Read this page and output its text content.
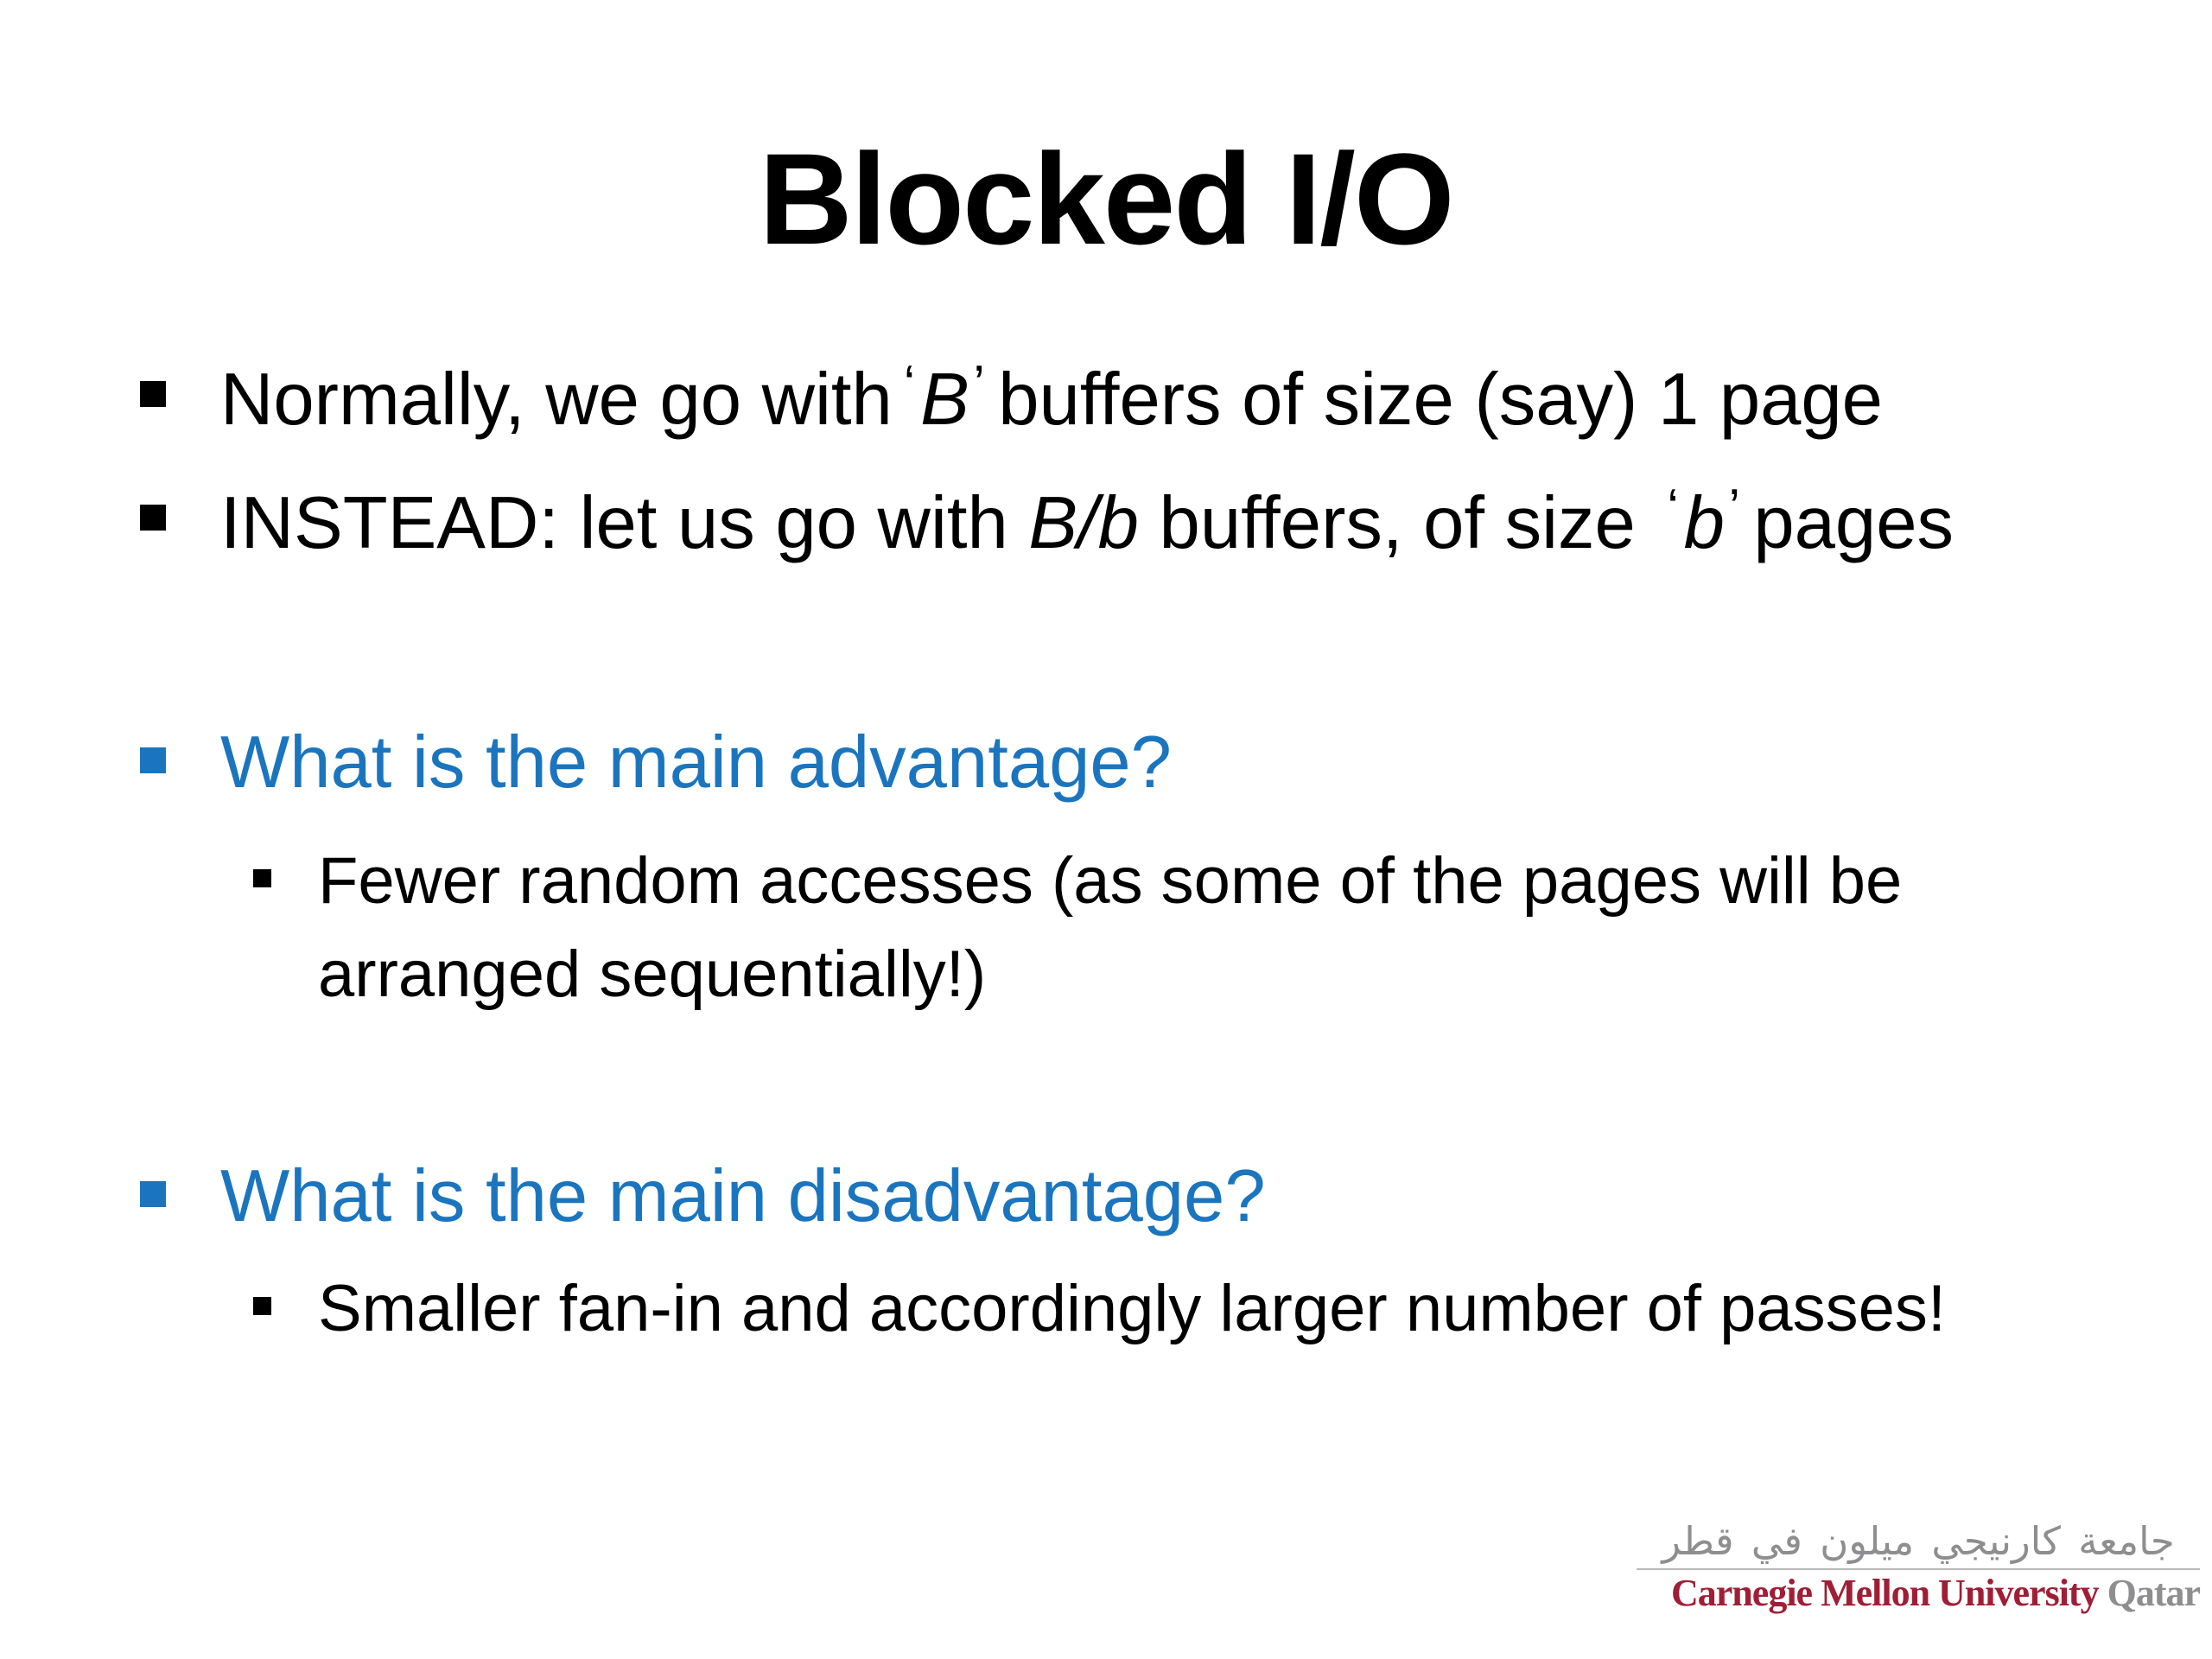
Blocked I/O
Normally, we go with ‘B’ buffers of size (say) 1 page
INSTEAD: let us go with B/b buffers, of size ‘b’ pages
What is the main advantage?
Fewer random accesses (as some of the pages will be
arranged sequentially!)
What is the main disadvantage?
Smaller fan-in and accordingly larger number of passes!
جامعة كارنيجي ميلون في قطر
Carnegie Mellon University Qatar
